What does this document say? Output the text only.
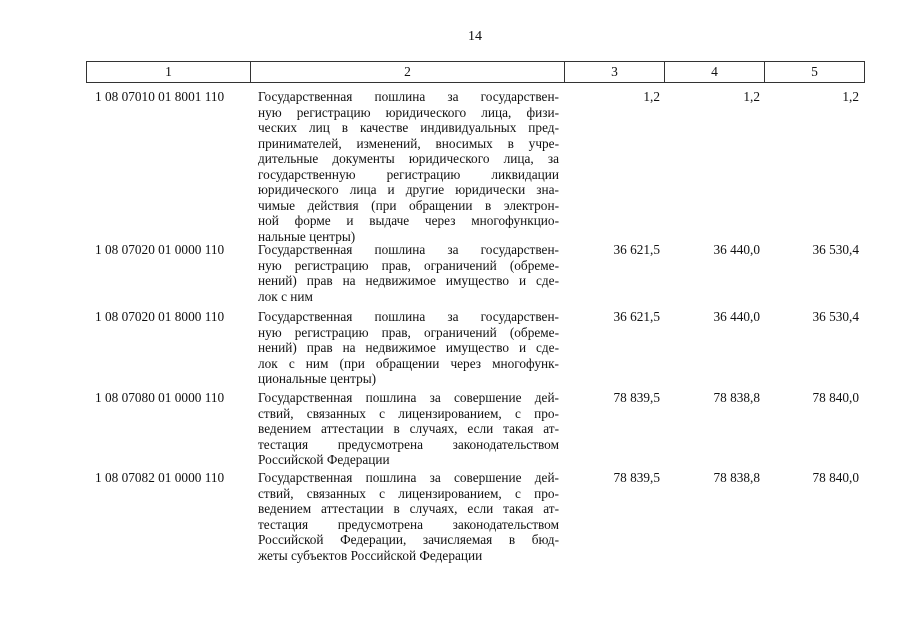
14
1	2	3	4	5
1 08 07010 01 8001 110	Государственная пошлина за государствен-
ную регистрацию юридического лица, физи-
ческих лиц в качестве индивидуальных пред-
принимателей, изменений, вносимых в учре-
дительные документы юридического лица, за
государственную регистрацию ликвидации
юридического лица и другие юридически зна-
чимые действия (при обращении в электрон-
ной форме и выдаче через многофункцио-
нальные центры)
1,2	1,2	1,2
1 08 07020 01 0000 110	Государственная пошлина за государствен-
ную регистрацию прав, ограничений (обреме-
нений) прав на недвижимое имущество и сде-
лок с ним
36 621,5	36 440,0	36 530,4
1 08 07020 01 8000 110	Государственная пошлина за государствен-
ную регистрацию прав, ограничений (обреме-
нений) прав на недвижимое имущество и сде-
лок с ним (при обращении через многофунк-
циональные центры)
36 621,5	36 440,0	36 530,4
1 08 07080 01 0000 110	Государственная пошлина за совершение дей-
ствий, связанных с лицензированием, с про-
ведением аттестации в случаях, если такая ат-
тестация предусмотрена законодательством
Российской Федерации
78 839,5	78 838,8	78 840,0
1 08 07082 01 0000 110	Государственная пошлина за совершение дей-
ствий, связанных с лицензированием, с про-
ведением аттестации в случаях, если такая ат-
тестация предусмотрена законодательством
Российской Федерации, зачисляемая в бюд-
жеты субъектов Российской Федерации
78 839,5	78 838,8	78 840,0
